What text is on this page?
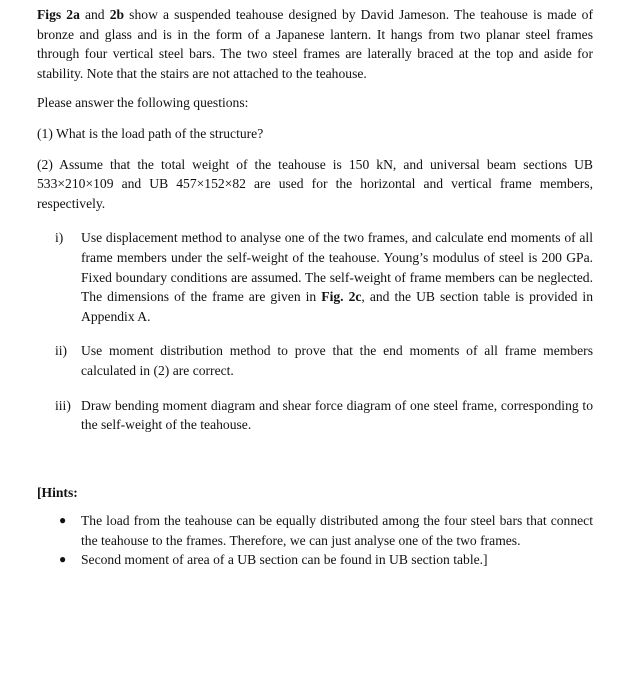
Figs 2a and 2b show a suspended teahouse designed by David Jameson. The teahouse is made of bronze and glass and is in the form of a Japanese lantern. It hangs from two planar steel frames through four vertical steel bars. The two steel frames are laterally braced at the top and aside for stability. Note that the stairs are not attached to the teahouse.

Please answer the following questions:

(1) What is the load path of the structure?

(2) Assume that the total weight of the teahouse is 150 kN, and universal beam sections UB 533×210×109 and UB 457×152×82 are used for the horizontal and vertical frame members, respectively.

i)	Use displacement method to analyse one of the two frames, and calculate end moments of all frame members under the self-weight of the teahouse. Young’s modulus of steel is 200 GPa. Fixed boundary conditions are assumed. The self-weight of frame members can be neglected. The dimensions of the frame are given in Fig. 2c, and the UB section table is provided in Appendix A.
ii)	Use moment distribution method to prove that the end moments of all frame members calculated in (2) are correct.
iii) Draw bending moment diagram and shear force diagram of one steel frame, corresponding to the self-weight of the teahouse.

[Hints:

●	The load from the teahouse can be equally distributed among the four steel bars that connect the teahouse to the frames. Therefore, we can just analyse one of the two frames.
●	Second moment of area of a UB section can be found in UB section table.]
